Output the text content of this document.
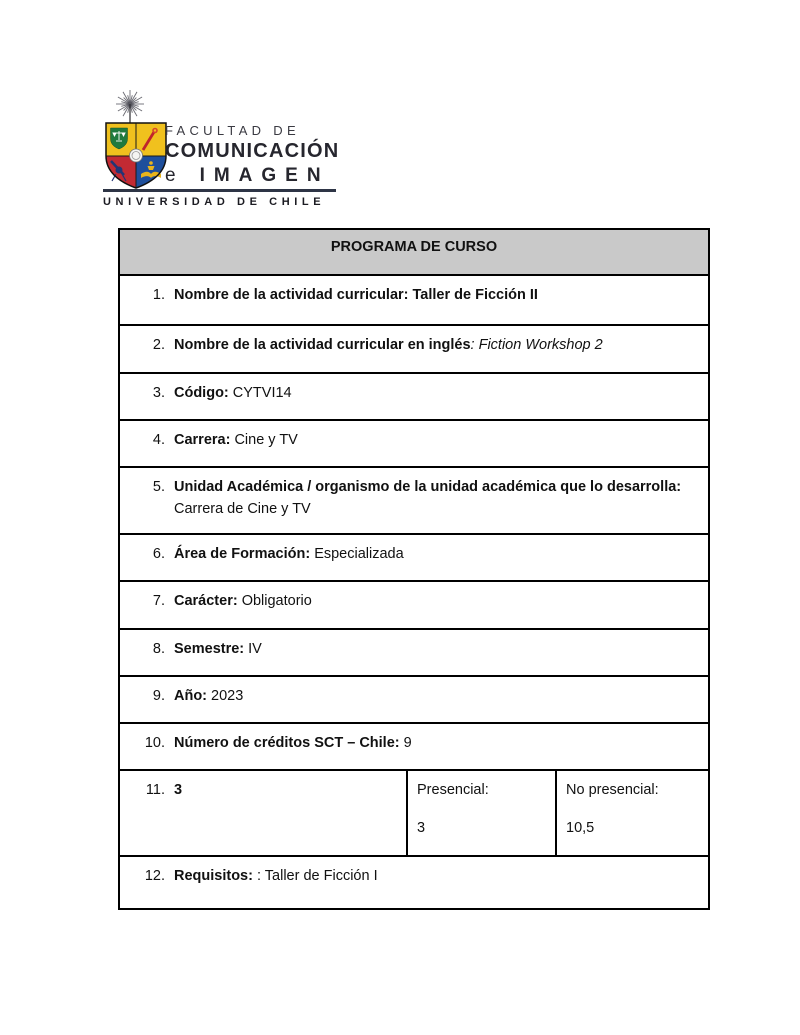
FACULTAD DE
COMUNICACIÓN
e IMAGEN
UNIVERSIDAD DE CHILE
PROGRAMA DE CURSO
1. Nombre de la actividad curricular: Taller de Ficción II
2. Nombre de la actividad curricular en inglés: Fiction Workshop 2
3. Código: CYTVI14
4. Carrera: Cine y TV
5. Unidad Académica / organismo de la unidad académica que lo desarrolla:
Carrera de Cine y TV
6. Área de Formación: Especializada
7. Carácter: Obligatorio
8. Semestre: IV
9. Año: 2023
10. Número de créditos SCT – Chile: 9
11. 3	Presencial:
3
No presencial:
10,5
12. Requisitos: : Taller de Ficción I
